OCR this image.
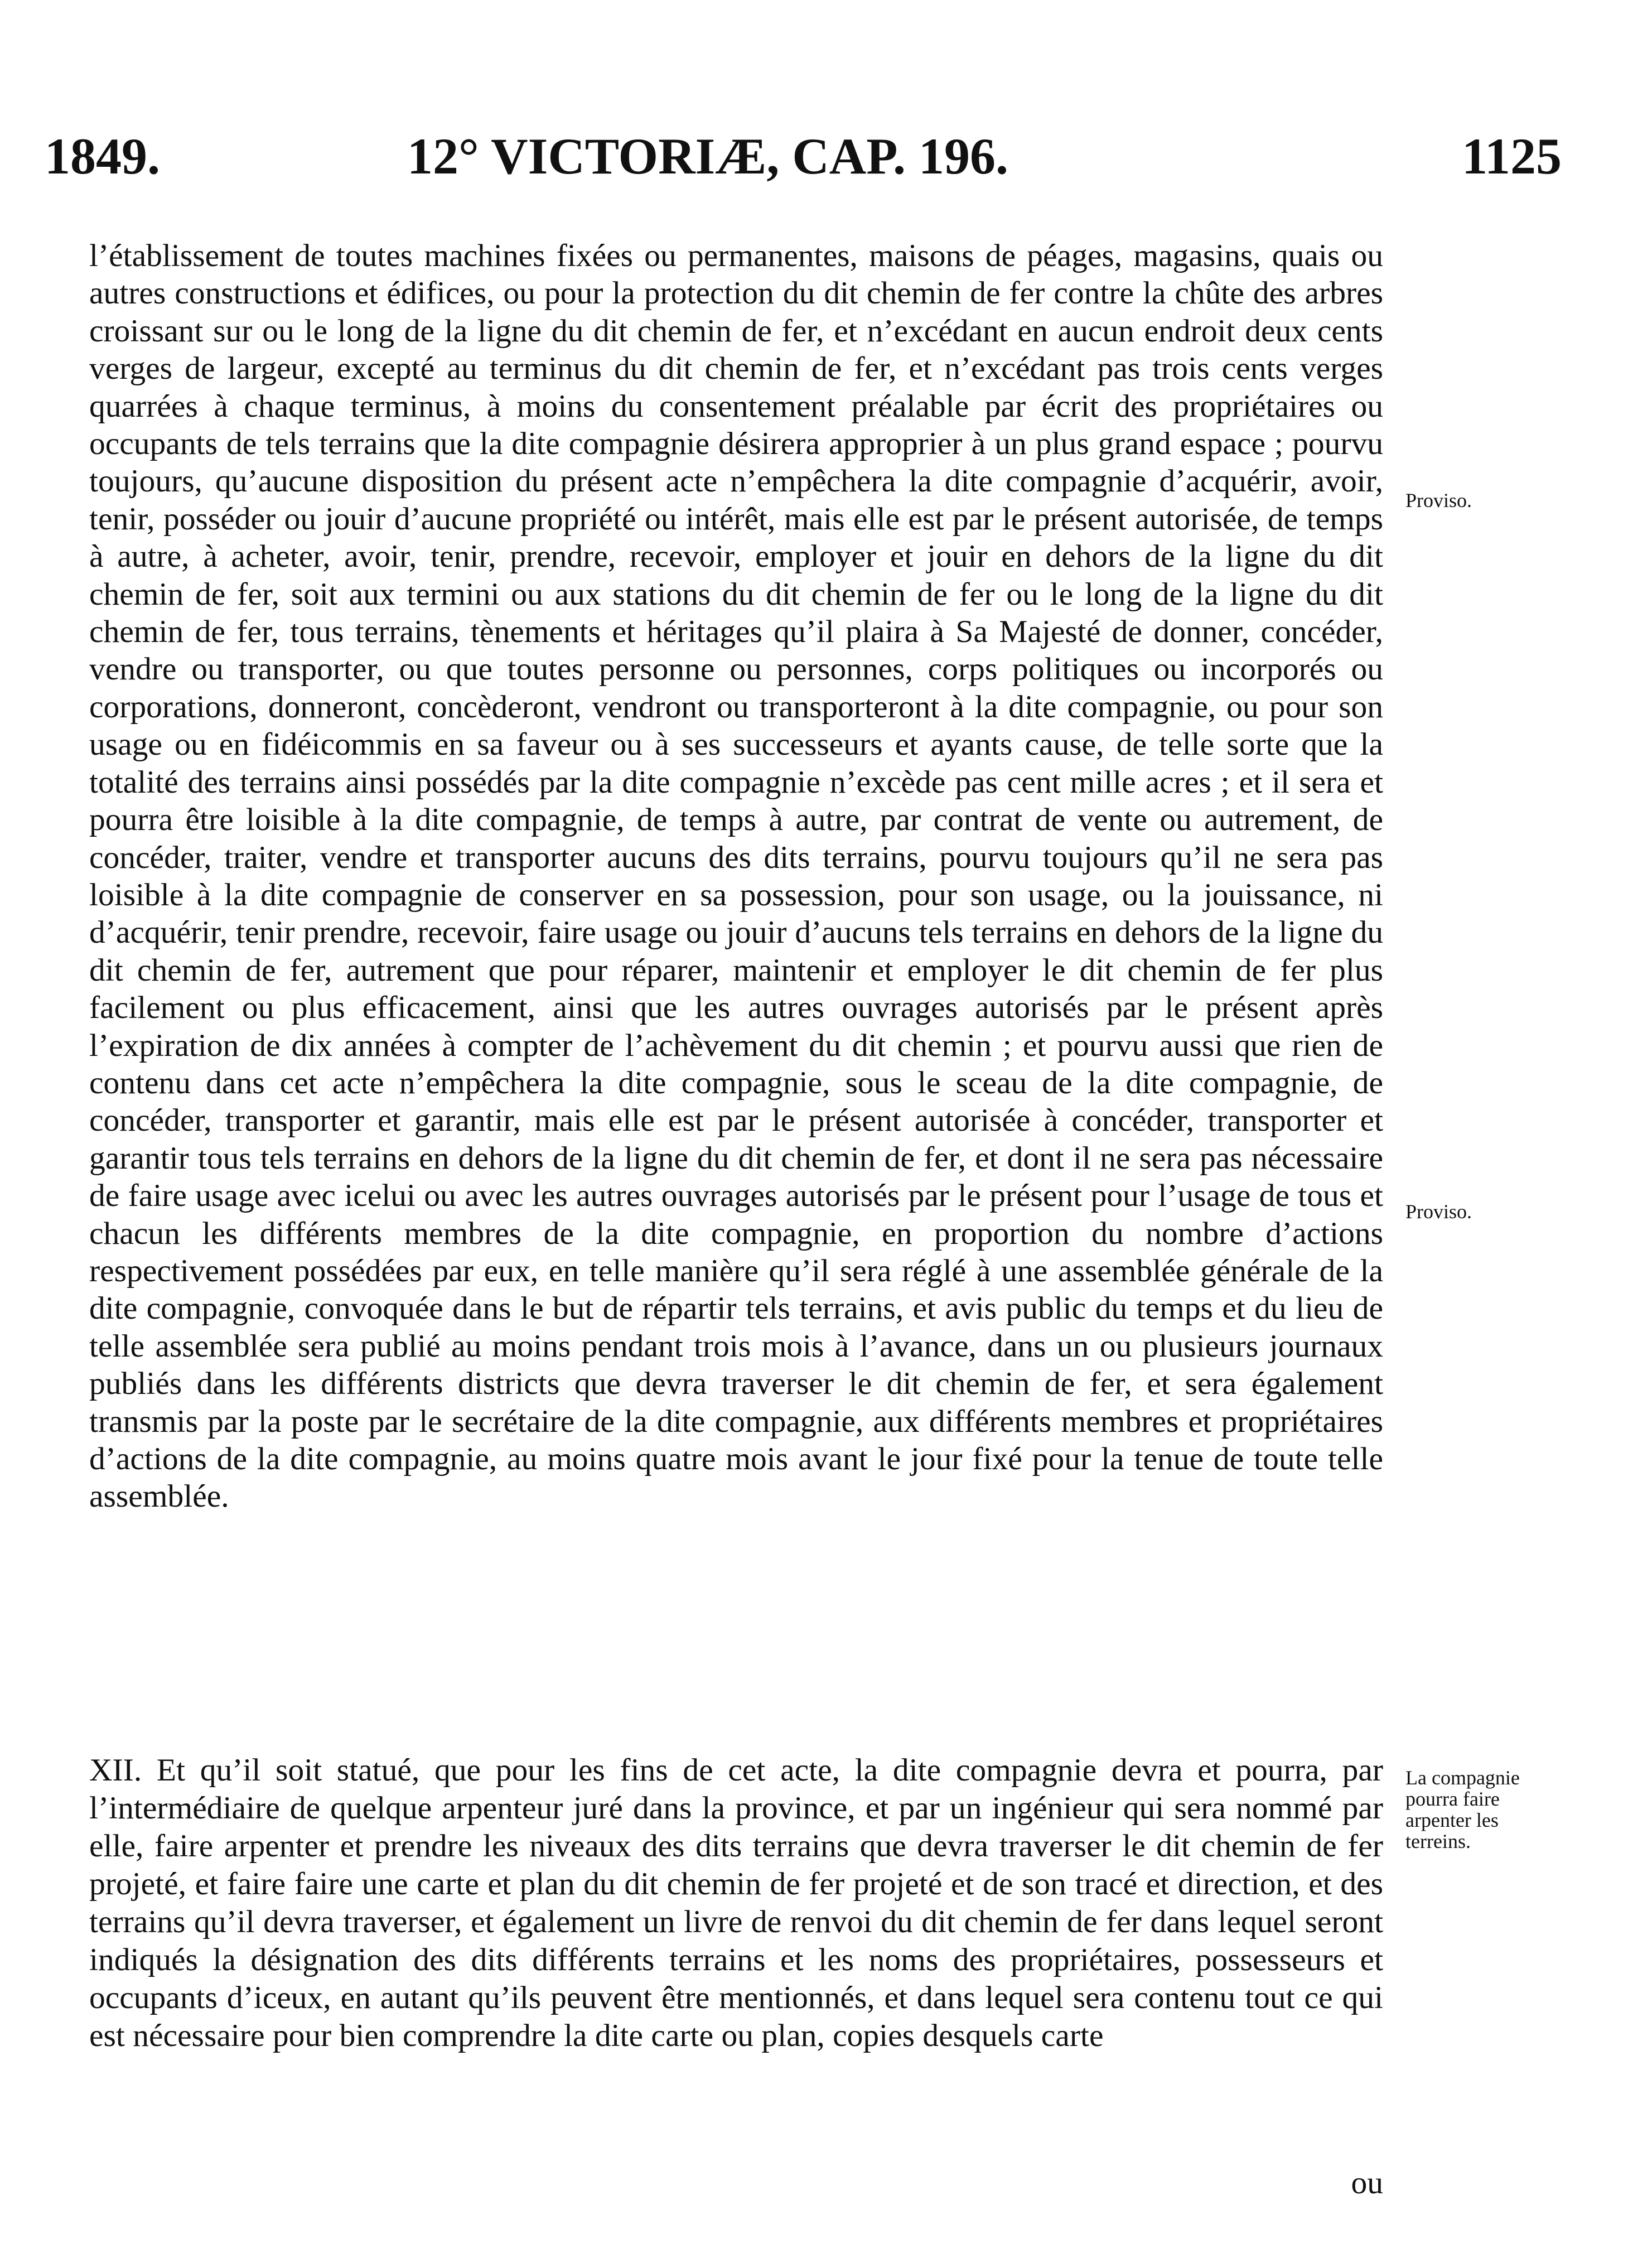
1849.	12° VICTORIÆ, CAP. 196.	1125

l’établissement de toutes machines fixées ou permanentes, maisons de péages, magasins, quais ou autres constructions et édifices, ou pour la protection du dit chemin de fer contre la chûte des arbres croissant sur ou le long de la ligne du dit chemin de fer, et n’excédant en aucun endroit deux cents verges de largeur, excepté au terminus du dit chemin de fer, et n’excédant pas trois cents verges quarrées à chaque terminus, à moins du consentement préalable par écrit des propriétaires ou occupants de tels terrains que la dite compagnie désirera approprier à un plus grand espace ; pourvu toujours, qu’aucune disposition du présent acte n’empêchera la dite compagnie d’acquérir, avoir, tenir, posséder ou jouir d’aucune propriété ou intérêt, mais elle est par le présent autorisée, de temps à autre, à acheter, avoir, tenir, prendre, recevoir, employer et jouir en dehors de la ligne du dit chemin de fer, soit aux termini ou aux stations du dit chemin de fer ou le long de la ligne du dit chemin de fer, tous terrains, tènements et héritages qu’il plaira à Sa Majesté de donner, concéder, vendre ou transporter, ou que toutes personne ou personnes, corps politiques ou incorporés ou corporations, donneront, concèderont, vendront ou transporteront à la dite compagnie, ou pour son usage ou en fidéicommis en sa faveur ou à ses successeurs et ayants cause, de telle sorte que la totalité des terrains ainsi possédés par la dite compagnie n’excède pas cent mille acres ; et il sera et pourra être loisible à la dite compagnie, de temps à autre, par contrat de vente ou autrement, de concéder, traiter, vendre et transporter aucuns des dits terrains, pourvu toujours qu’il ne sera pas loisible à la dite compagnie de conserver en sa possession, pour son usage, ou la jouissance, ni d’acquérir, tenir prendre, recevoir, faire usage ou jouir d’aucuns tels terrains en dehors de la ligne du dit chemin de fer, autrement que pour réparer, maintenir et employer le dit chemin de fer plus facilement ou plus efficacement, ainsi que les autres ouvrages autorisés par le présent après l’expiration de dix années à compter de l’achèvement du dit chemin ; et pourvu aussi que rien de contenu dans cet acte n’empêchera la dite compagnie, sous le sceau de la dite compagnie, de concéder, transporter et garantir, mais elle est par le présent autorisée à concéder, transporter et garantir tous tels terrains en dehors de la ligne du dit chemin de fer, et dont il ne sera pas nécessaire de faire usage avec icelui ou avec les autres ouvrages autorisés par le présent pour l’usage de tous et chacun les différents membres de la dite compagnie, en proportion du nombre d’actions respectivement possédées par eux, en telle manière qu’il sera réglé à une assemblée générale de la dite compagnie, convoquée dans le but de répartir tels terrains, et avis public du temps et du lieu de telle assemblée sera publié au moins pendant trois mois à l’avance, dans un ou plusieurs journaux publiés dans les différents districts que devra traverser le dit chemin de fer, et sera également transmis par la poste par le secrétaire de la dite compagnie, aux différents membres et propriétaires d’actions de la dite compagnie, au moins quatre mois avant le jour fixé pour la tenue de toute telle assemblée.

Proviso.
Proviso.

XII. Et qu’il soit statué, que pour les fins de cet acte, la dite compagnie devra et pourra, par l’intermédiaire de quelque arpenteur juré dans la province, et par un ingénieur qui sera nommé par elle, faire arpenter et prendre les niveaux des dits terrains que devra traverser le dit chemin de fer projeté, et faire faire une carte et plan du dit chemin de fer projeté et de son tracé et direction, et des terrains qu’il devra traverser, et également un livre de renvoi du dit chemin de fer dans lequel seront indiqués la désignation des dits différents terrains et les noms des propriétaires, possesseurs et occupants d’iceux, en autant qu’ils peuvent être mentionnés, et dans lequel sera contenu tout ce qui est nécessaire pour bien comprendre la dite carte ou plan, copies desquels carte

La compagnie
pourra faire
arpenter les
terreins.
ou
